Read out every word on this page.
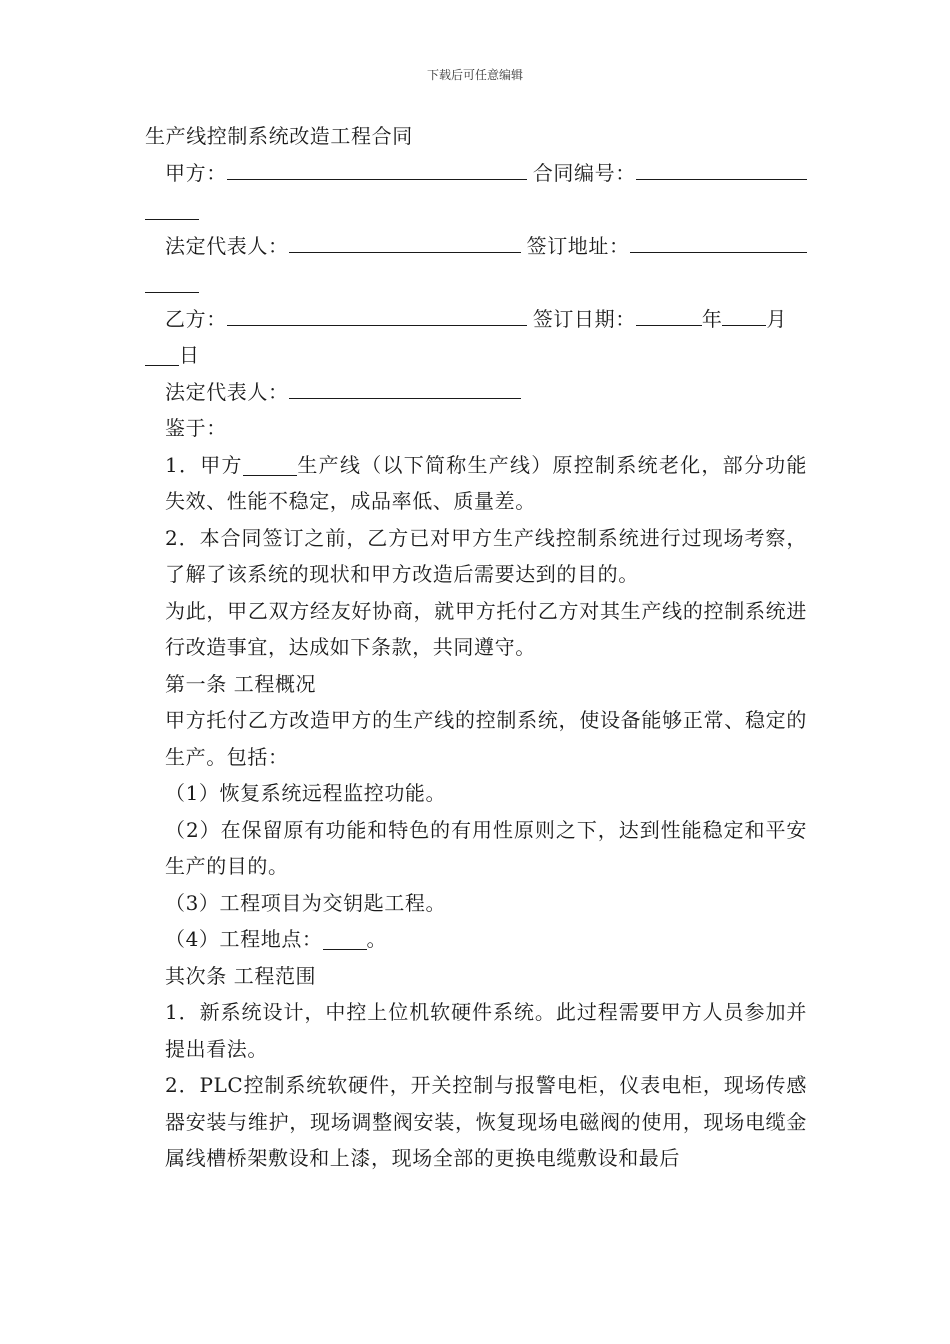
下载后可任意编辑

生产线控制系统改造工程合同

甲方：	合同编号：
法定代表人：	签订地址：
乙方：	签订日期：	年 月
日
法定代表人：

鉴于：

1．甲方	生产线（以下简称生产线）原控制系统老化，部分功能失效、性能不稳定，成品率低、质量差。

2．本合同签订之前，乙方已对甲方生产线控制系统进行过现场考察，了解了该系统的现状和甲方改造后需要达到的目的。

为此，甲乙双方经友好协商，就甲方托付乙方对其生产线的控制系统进行改造事宜，达成如下条款，共同遵守。

第一条 工程概况

甲方托付乙方改造甲方的生产线的控制系统，使设备能够正常、稳定的生产。包括：

（1）恢复系统远程监控功能。

（2）在保留原有功能和特色的有用性原则之下，达到性能稳定和平安生产的目的。

（3）工程项目为交钥匙工程。

（4）工程地点： 。

其次条 工程范围

1．新系统设计，中控上位机软硬件系统。此过程需要甲方人员参加并提出看法。

2．PLC控制系统软硬件，开关控制与报警电柜，仪表电柜，现场传感器安装与维护，现场调整阀安装，恢复现场电磁阀的使用，现场电缆金属线槽桥架敷设和上漆，现场全部的更换电缆敷设和最后
